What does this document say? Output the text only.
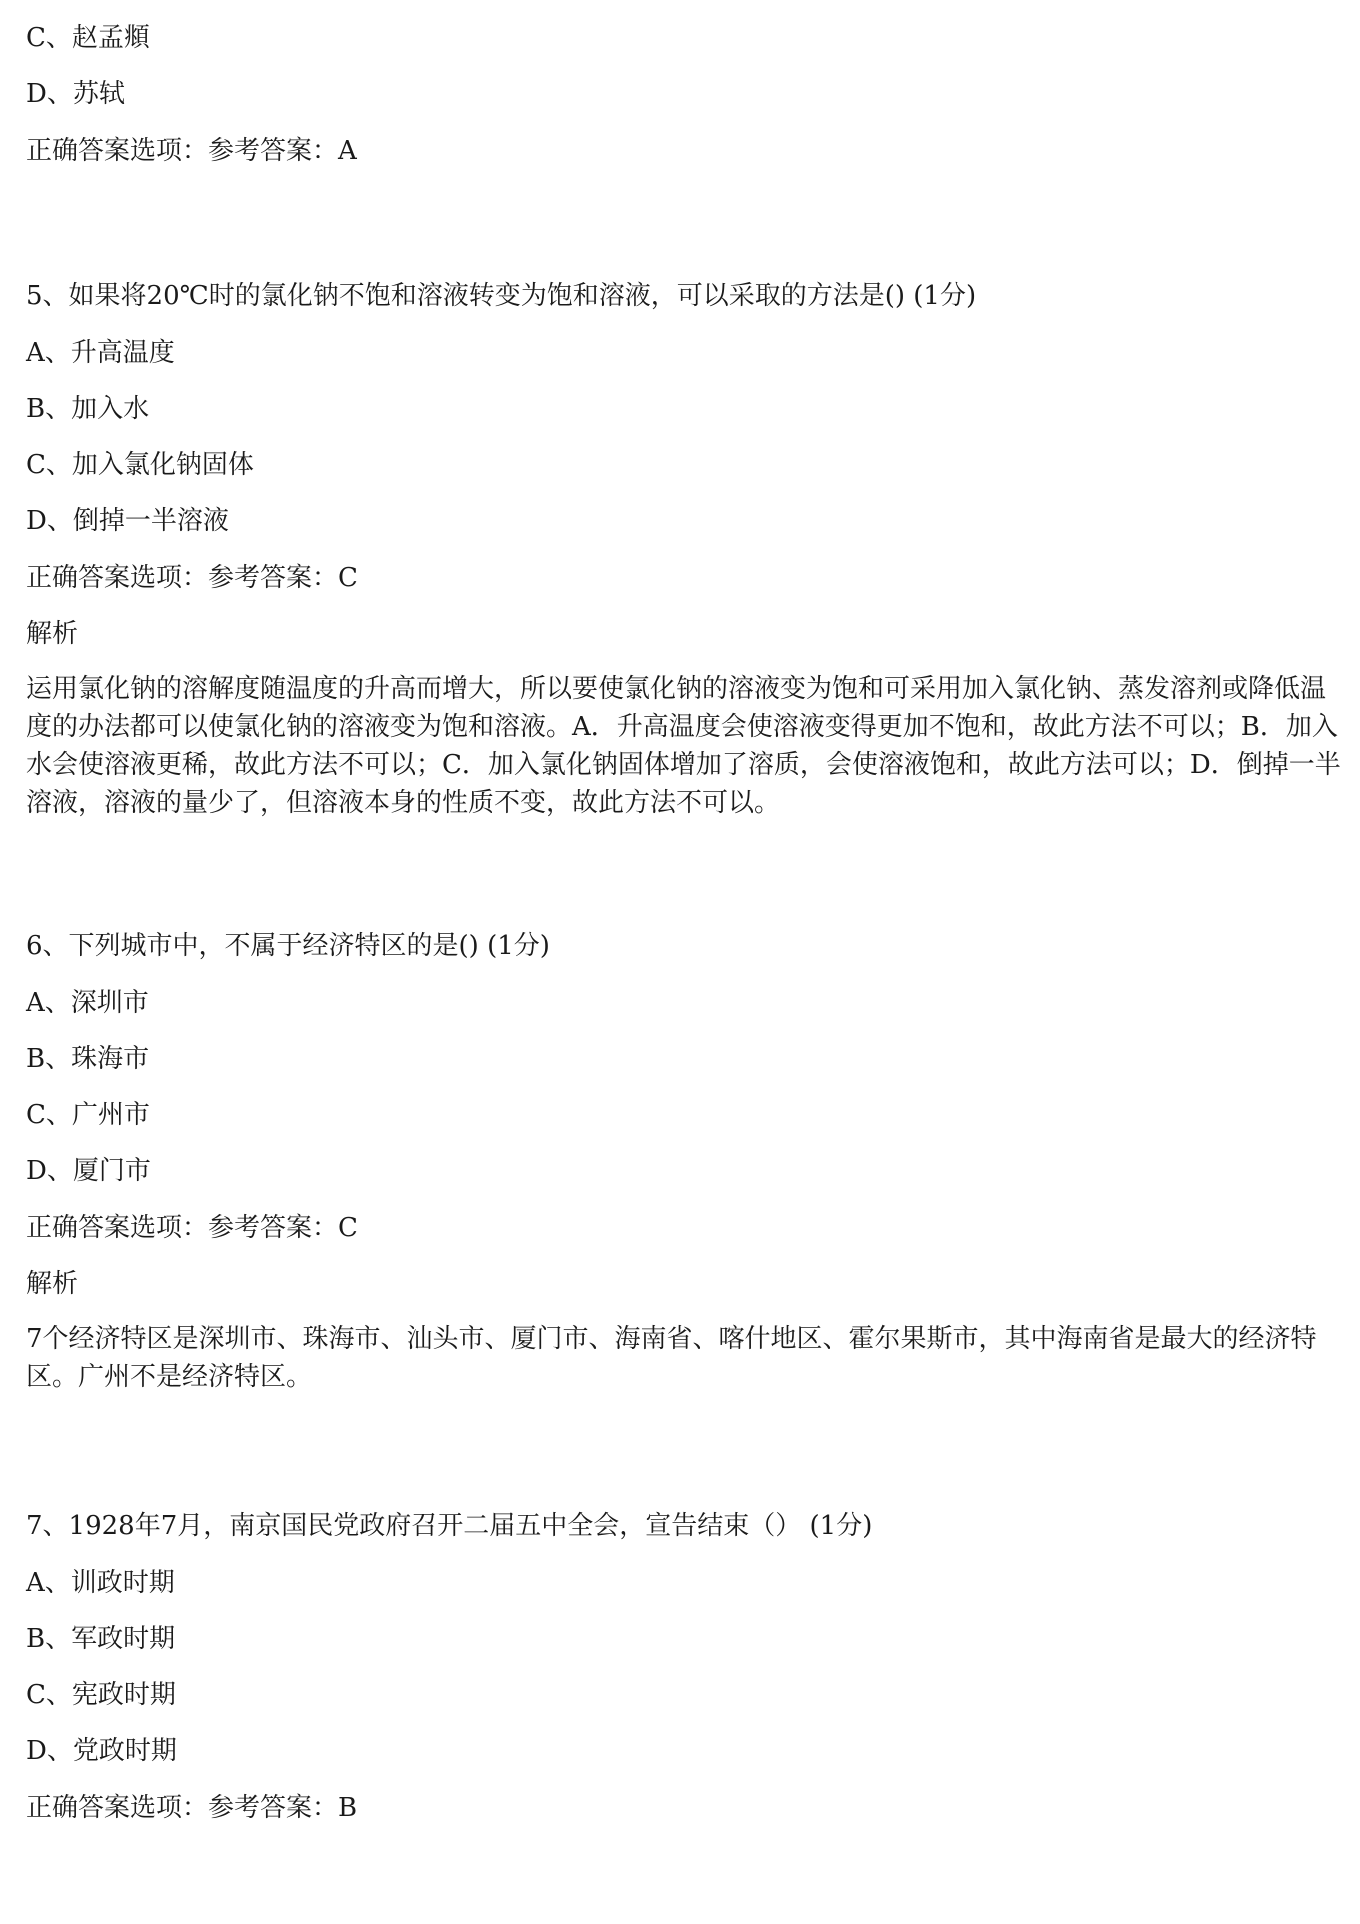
C、赵孟頫
D、苏轼
正确答案选项：参考答案：A
5、如果将20℃时的氯化钠不饱和溶液转变为饱和溶液，可以采取的方法是() (1分)
A、升高温度
B、加入水
C、加入氯化钠固体
D、倒掉一半溶液
正确答案选项：参考答案：C
解析
运用氯化钠的溶解度随温度的升高而增大，所以要使氯化钠的溶液变为饱和可采用加入氯化钠、蒸发溶剂或降低温度的办法都可以使氯化钠的溶液变为饱和溶液。A．升高温度会使溶液变得更加不饱和，故此方法不可以；B．加入水会使溶液更稀，故此方法不可以；C．加入氯化钠固体增加了溶质，会使溶液饱和，故此方法可以；D．倒掉一半溶液，溶液的量少了，但溶液本身的性质不变，故此方法不可以。
6、下列城市中，不属于经济特区的是() (1分)
A、深圳市
B、珠海市
C、广州市
D、厦门市
正确答案选项：参考答案：C
解析
7个经济特区是深圳市、珠海市、汕头市、厦门市、海南省、喀什地区、霍尔果斯市，其中海南省是最大的经济特区。广州不是经济特区。
7、1928年7月，南京国民党政府召开二届五中全会，宣告结束（） (1分)
A、训政时期
B、军政时期
C、宪政时期
D、党政时期
正确答案选项：参考答案：B
